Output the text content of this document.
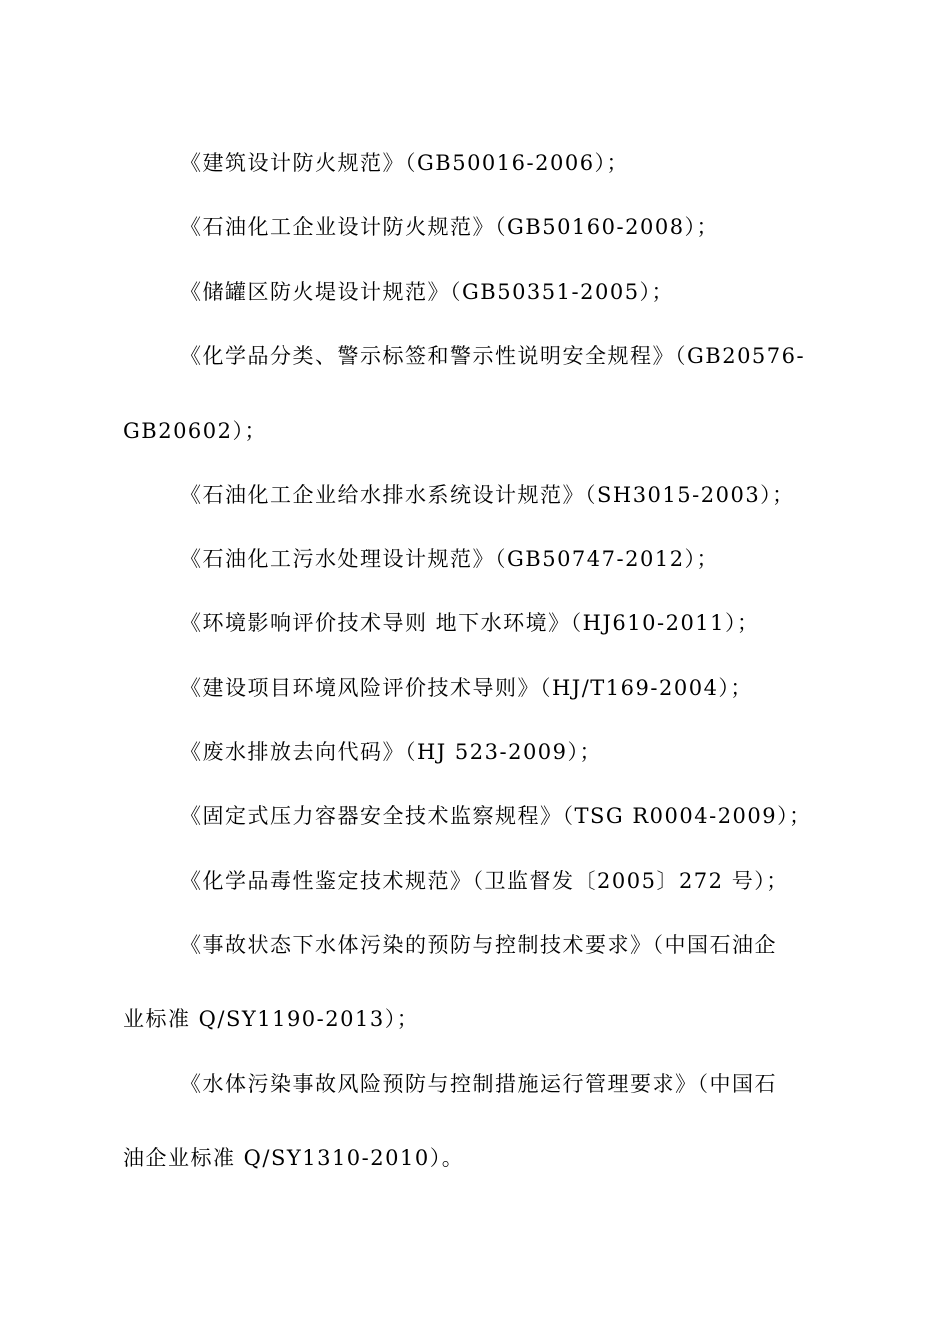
《建筑设计防火规范》（GB50016-2006）；
《石油化工企业设计防火规范》（GB50160-2008）；
《储罐区防火堤设计规范》（GB50351-2005）；
《化学品分类、警示标签和警示性说明安全规程》（GB20576-
GB20602）；
《石油化工企业给水排水系统设计规范》（SH3015-2003）；
《石油化工污水处理设计规范》（GB50747-2012）；
《环境影响评价技术导则 地下水环境》（HJ610-2011）；
《建设项目环境风险评价技术导则》（HJ/T169-2004）；
《废水排放去向代码》（HJ 523-2009）；
《固定式压力容器安全技术监察规程》（TSG R0004-2009）；
《化学品毒性鉴定技术规范》（卫监督发〔2005〕272 号）；
《事故状态下水体污染的预防与控制技术要求》（中国石油企
业标准 Q/SY1190-2013）；
《水体污染事故风险预防与控制措施运行管理要求》（中国石
油企业标准 Q/SY1310-2010）。
